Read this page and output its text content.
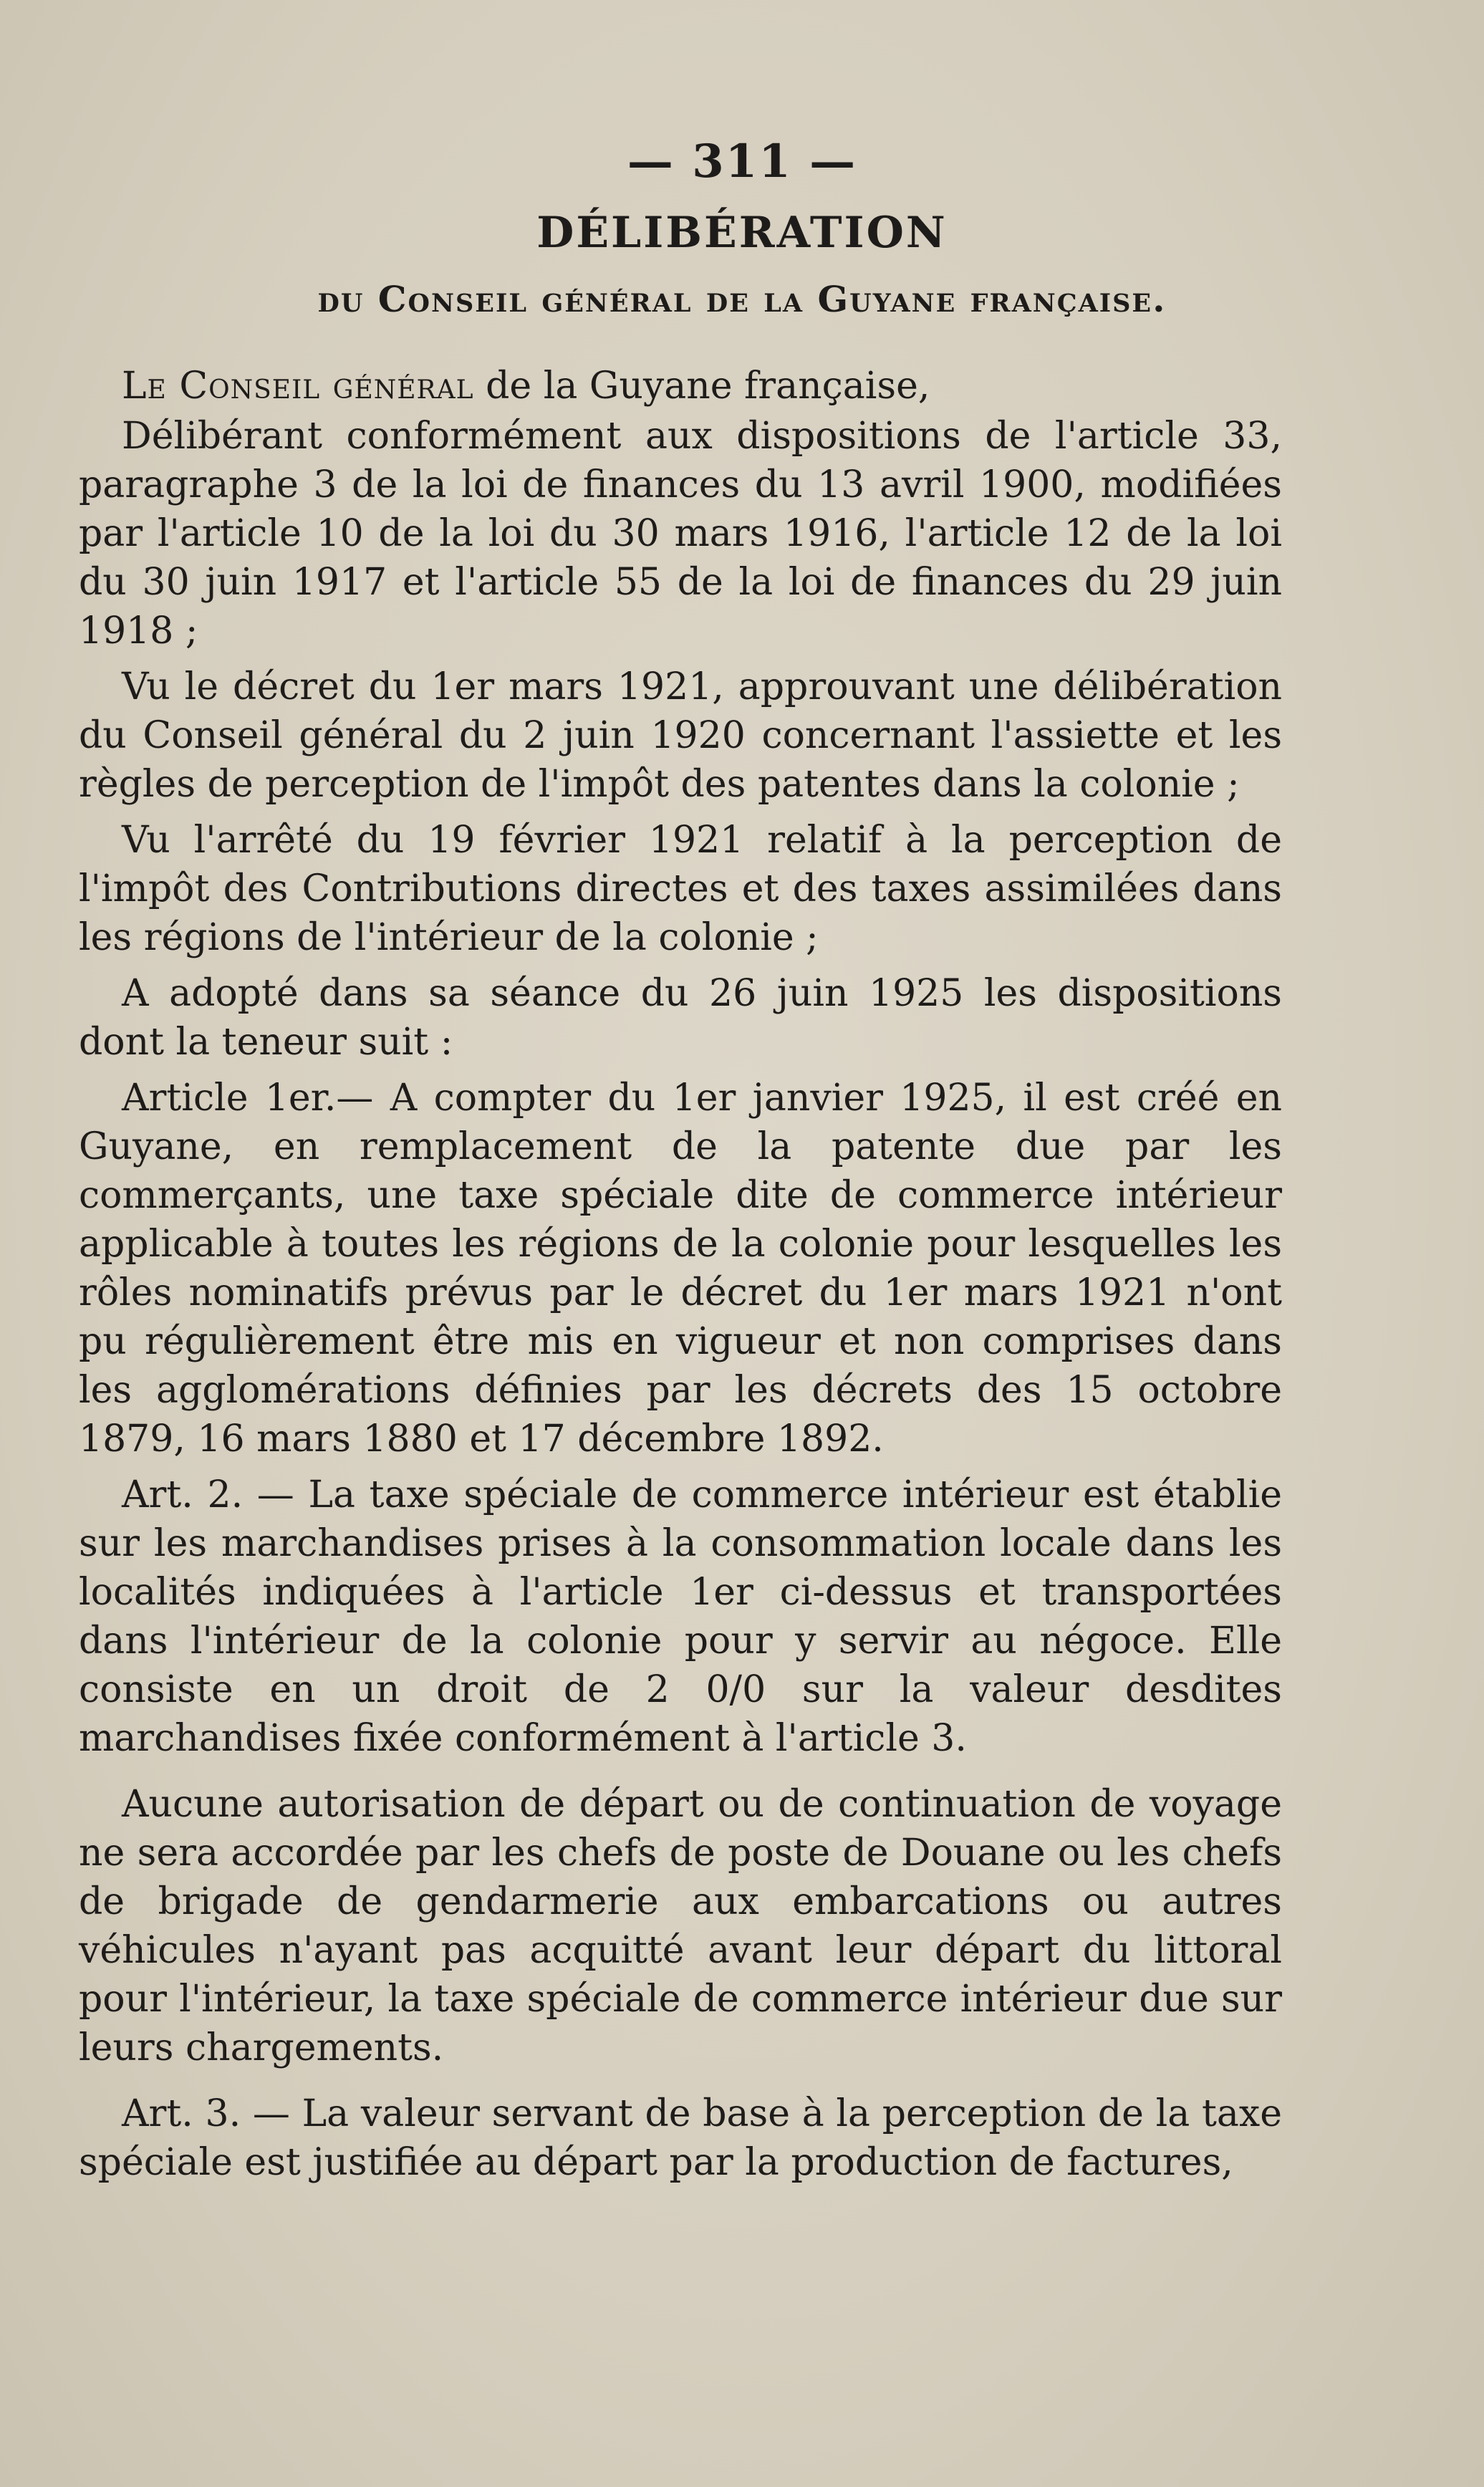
— 311 —
DÉLIBÉRATION
du Conseil général de la Guyane française.

Le Conseil général de la Guyane française,

Délibérant conformément aux dispositions de l'article 33, paragraphe 3 de la loi de finances du 13 avril 1900, modifiées par l'article 10 de la loi du 30 mars 1916, l'article 12 de la loi du 30 juin 1917 et l'article 55 de la loi de finances du 29 juin 1918 ;

Vu le décret du 1er mars 1921, approuvant une délibération du Conseil général du 2 juin 1920 concernant l'assiette et les règles de perception de l'impôt des patentes dans la colonie ;

Vu l'arrêté du 19 février 1921 relatif à la perception de l'impôt des Contributions directes et des taxes assimilées dans les régions de l'intérieur de la colonie ;

A adopté dans sa séance du 26 juin 1925 les dispositions dont la teneur suit :

Article 1er.— A compter du 1er janvier 1925, il est créé en Guyane, en remplacement de la patente due par les commerçants, une taxe spéciale dite de commerce intérieur applicable à toutes les régions de la colonie pour lesquelles les rôles nominatifs prévus par le décret du 1er mars 1921 n'ont pu régulièrement être mis en vigueur et non comprises dans les agglomérations définies par les décrets des 15 octobre 1879, 16 mars 1880 et 17 décembre 1892.

Art. 2. — La taxe spéciale de commerce intérieur est établie sur les marchandises prises à la consommation locale dans les localités indiquées à l'article 1er ci-dessus et transportées dans l'intérieur de la colonie pour y servir au négoce. Elle consiste en un droit de 2 0/0 sur la valeur desdites marchandises fixée conformément à l'article 3.

Aucune autorisation de départ ou de continuation de voyage ne sera accordée par les chefs de poste de Douane ou les chefs de brigade de gendarmerie aux embarcations ou autres véhicules n'ayant pas acquitté avant leur départ du littoral pour l'intérieur, la taxe spéciale de commerce intérieur due sur leurs chargements.

Art. 3. — La valeur servant de base à la perception de la taxe spéciale est justifiée au départ par la production de factures,
